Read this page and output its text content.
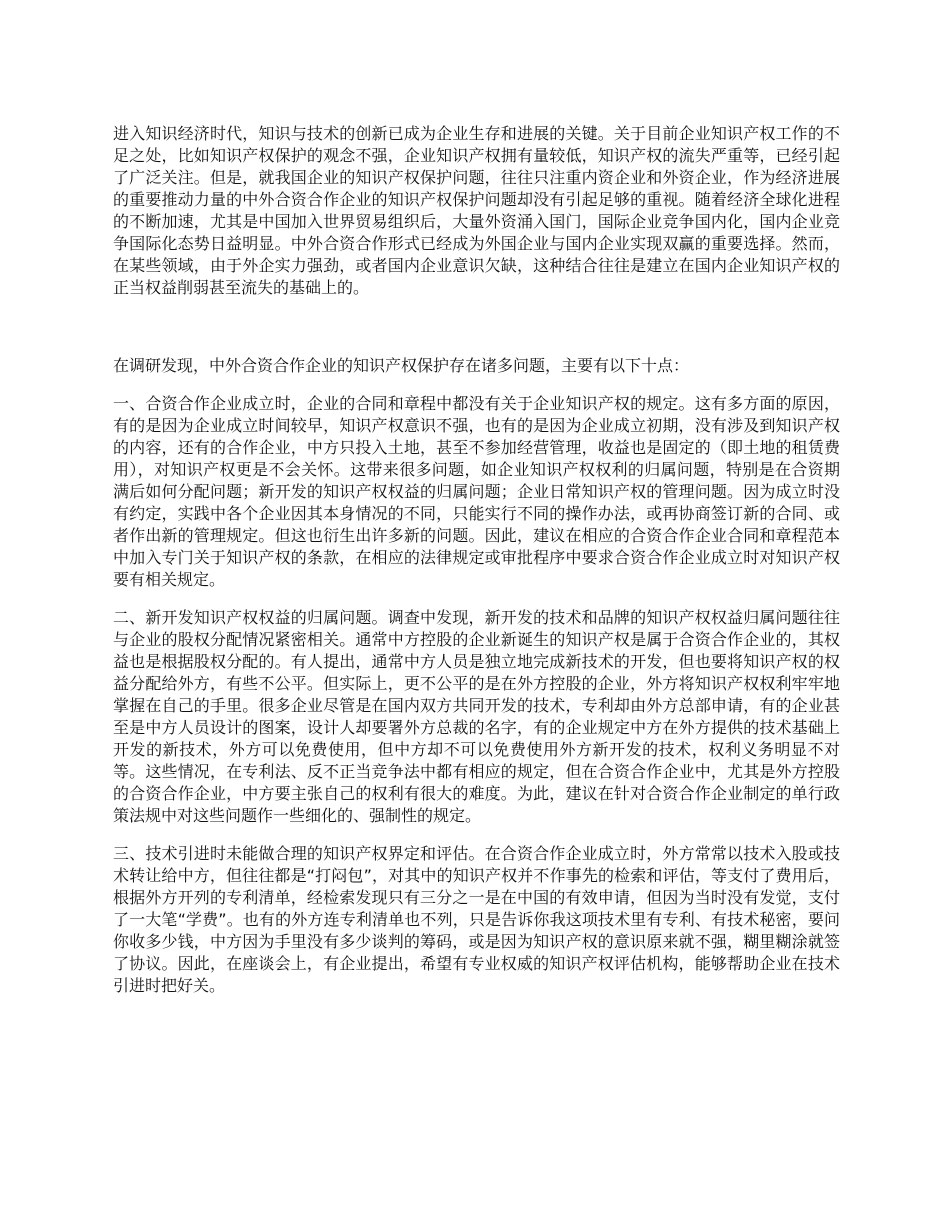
进入知识经济时代，知识与技术的创新已成为企业生存和进展的关键。关于目前企业知识产权工作的不足之处，比如知识产权保护的观念不强，企业知识产权拥有量较低，知识产权的流失严重等，已经引起了广泛关注。但是，就我国企业的知识产权保护问题，往往只注重内资企业和外资企业，作为经济进展的重要推动力量的中外合资合作企业的知识产权保护问题却没有引起足够的重视。随着经济全球化进程的不断加速，尤其是中国加入世界贸易组织后，大量外资涌入国门，国际企业竞争国内化，国内企业竞争国际化态势日益明显。中外合资合作形式已经成为外国企业与国内企业实现双赢的重要选择。然而，在某些领域，由于外企实力强劲，或者国内企业意识欠缺，这种结合往往是建立在国内企业知识产权的正当权益削弱甚至流失的基础上的。

在调研发现，中外合资合作企业的知识产权保护存在诸多问题，主要有以下十点：

一、合资合作企业成立时，企业的合同和章程中都没有关于企业知识产权的规定。这有多方面的原因，有的是因为企业成立时间较早，知识产权意识不强，也有的是因为企业成立初期，没有涉及到知识产权的内容，还有的合作企业，中方只投入土地，甚至不参加经营管理，收益也是固定的（即土地的租赁费用），对知识产权更是不会关怀。这带来很多问题，如企业知识产权权利的归属问题，特别是在合资期满后如何分配问题；新开发的知识产权权益的归属问题；企业日常知识产权的管理问题。因为成立时没有约定，实践中各个企业因其本身情况的不同，只能实行不同的操作办法，或再协商签订新的合同、或者作出新的管理规定。但这也衍生出许多新的问题。因此，建议在相应的合资合作企业合同和章程范本中加入专门关于知识产权的条款，在相应的法律规定或审批程序中要求合资合作企业成立时对知识产权要有相关规定。

二、新开发知识产权权益的归属问题。调查中发现，新开发的技术和品牌的知识产权权益归属问题往往与企业的股权分配情况紧密相关。通常中方控股的企业新诞生的知识产权是属于合资合作企业的，其权益也是根据股权分配的。有人提出，通常中方人员是独立地完成新技术的开发，但也要将知识产权的权益分配给外方，有些不公平。但实际上，更不公平的是在外方控股的企业，外方将知识产权权利牢牢地掌握在自己的手里。很多企业尽管是在国内双方共同开发的技术，专利却由外方总部申请，有的企业甚至是中方人员设计的图案，设计人却要署外方总裁的名字，有的企业规定中方在外方提供的技术基础上开发的新技术，外方可以免费使用，但中方却不可以免费使用外方新开发的技术，权利义务明显不对等。这些情况，在专利法、反不正当竞争法中都有相应的规定，但在合资合作企业中，尤其是外方控股的合资合作企业，中方要主张自己的权利有很大的难度。为此，建议在针对合资合作企业制定的单行政策法规中对这些问题作一些细化的、强制性的规定。

三、技术引进时未能做合理的知识产权界定和评估。在合资合作企业成立时，外方常常以技术入股或技术转让给中方，但往往都是“打闷包”，对其中的知识产权并不作事先的检索和评估，等支付了费用后，根据外方开列的专利清单，经检索发现只有三分之一是在中国的有效申请，但因为当时没有发觉，支付了一大笔“学费”。也有的外方连专利清单也不列，只是告诉你我这项技术里有专利、有技术秘密，要问你收多少钱，中方因为手里没有多少谈判的筹码，或是因为知识产权的意识原来就不强，糊里糊涂就签了协议。因此，在座谈会上，有企业提出，希望有专业权威的知识产权评估机构，能够帮助企业在技术引进时把好关。
